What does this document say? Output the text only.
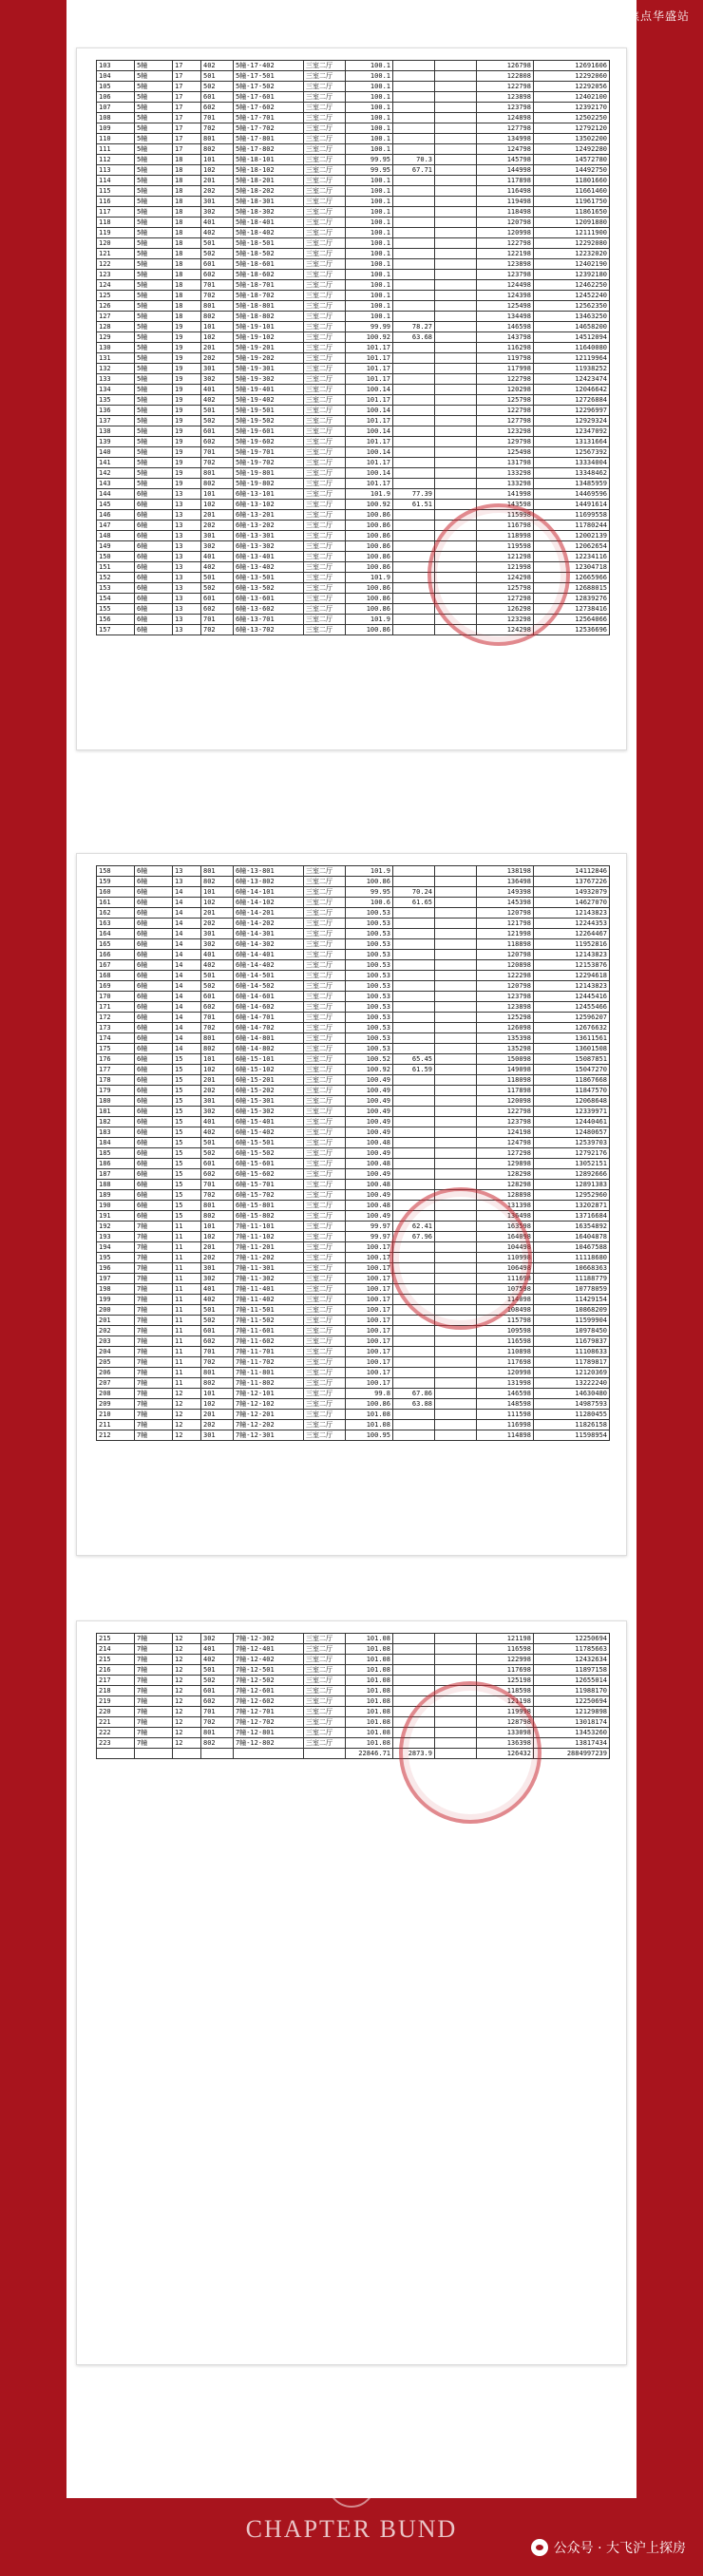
搜狐号@搜狐焦点华盛站
103	5幢	17	402	5幢-17-402	三室二厅	100.1			126798	12691606
104	5幢	17	501	5幢-17-501	三室二厅	100.1			122808	12292060
105	5幢	17	502	5幢-17-502	三室二厅	100.1			122798	12292056
106	5幢	17	601	5幢-17-601	三室二厅	100.1			123898	12402100
107	5幢	17	602	5幢-17-602	三室二厅	100.1			123798	12392170
108	5幢	17	701	5幢-17-701	三室二厅	100.1			124898	12502250
109	5幢	17	702	5幢-17-702	三室二厅	100.1			127798	12792120
110	5幢	17	801	5幢-17-801	三室二厅	100.1			134998	13502200
111	5幢	17	802	5幢-17-802	三室二厅	100.1			124798	12492280
112	5幢	18	101	5幢-18-101	三室二厅	99.95	70.3		145798	14572780
113	5幢	18	102	5幢-18-102	三室二厅	99.95	67.71		144998	14492750
114	5幢	18	201	5幢-18-201	三室二厅	100.1			117898	11801660
115	5幢	18	202	5幢-18-202	三室二厅	100.1			116498	11661460
116	5幢	18	301	5幢-18-301	三室二厅	100.1			119498	11961750
117	5幢	18	302	5幢-18-302	三室二厅	100.1			118498	11861650
118	5幢	18	401	5幢-18-401	三室二厅	100.1			120798	12091880
119	5幢	18	402	5幢-18-402	三室二厅	100.1			120998	12111900
120	5幢	18	501	5幢-18-501	三室二厅	100.1			122798	12292080
121	5幢	18	502	5幢-18-502	三室二厅	100.1			122198	12232020
122	5幢	18	601	5幢-18-601	三室二厅	100.1			123898	12402190
123	5幢	18	602	5幢-18-602	三室二厅	100.1			123798	12392180
124	5幢	18	701	5幢-18-701	三室二厅	100.1			124498	12462250
125	5幢	18	702	5幢-18-702	三室二厅	100.1			124398	12452240
126	5幢	18	801	5幢-18-801	三室二厅	100.1			125498	12562350
127	5幢	18	802	5幢-18-802	三室二厅	100.1			134498	13463250
128	5幢	19	101	5幢-19-101	三室二厅	99.99	78.27		146598	14658200
129	5幢	19	102	5幢-19-102	三室二厅	100.92	63.68		143798	14512094
130	5幢	19	201	5幢-19-201	三室二厅	101.17			116298	11640080
131	5幢	19	202	5幢-19-202	三室二厅	101.17			119798	12119964
132	5幢	19	301	5幢-19-301	三室二厅	101.17			117998	11938252
133	5幢	19	302	5幢-19-302	三室二厅	101.17			122798	12423474
134	5幢	19	401	5幢-19-401	三室二厅	100.14			120298	12046642
135	5幢	19	402	5幢-19-402	三室二厅	101.17			125798	12726884
136	5幢	19	501	5幢-19-501	三室二厅	100.14			122798	12296997
137	5幢	19	502	5幢-19-502	三室二厅	101.17			127798	12929324
138	5幢	19	601	5幢-19-601	三室二厅	100.14			123298	12347092
139	5幢	19	602	5幢-19-602	三室二厅	101.17			129798	13131664
140	5幢	19	701	5幢-19-701	三室二厅	100.14			125498	12567392
141	5幢	19	702	5幢-19-702	三室二厅	101.17			131798	13334004
142	5幢	19	801	5幢-19-801	三室二厅	100.14			133298	13348462
143	5幢	19	802	5幢-19-802	三室二厅	101.17			133298	13485959
144	6幢	13	101	6幢-13-101	三室二厅	101.9	77.39		141998	14469596
145	6幢	13	102	6幢-13-102	三室二厅	100.92	61.51		143598	14491614
146	6幢	13	201	6幢-13-201	三室二厅	100.86			115998	11699558
147	6幢	13	202	6幢-13-202	三室二厅	100.86			116798	11780244
148	6幢	13	301	6幢-13-301	三室二厅	100.86			118998	12002139
149	6幢	13	302	6幢-13-302	三室二厅	100.86			119598	12062654
150	6幢	13	401	6幢-13-401	三室二厅	100.86			121298	12234116
151	6幢	13	402	6幢-13-402	三室二厅	100.86			121998	12304718
152	6幢	13	501	6幢-13-501	三室二厅	101.9			124298	12665966
153	6幢	13	502	6幢-13-502	三室二厅	100.86			125798	12688015
154	6幢	13	601	6幢-13-601	三室二厅	100.86			127298	12839276
155	6幢	13	602	6幢-13-602	三室二厅	100.86			126298	12738416
156	6幢	13	701	6幢-13-701	三室二厅	101.9			123298	12564066
157	6幢	13	702	6幢-13-702	三室二厅	100.86			124298	12536696
158	6幢	13	801	6幢-13-801	三室二厅	101.9			138198	14112846
159	6幢	13	802	6幢-13-802	三室二厅	100.86			136498	13767226
160	6幢	14	101	6幢-14-101	三室二厅	99.95	70.24		149398	14932079
161	6幢	14	102	6幢-14-102	三室二厅	100.6	61.65		145398	14627070
162	6幢	14	201	6幢-14-201	三室二厅	100.53			120798	12143823
163	6幢	14	202	6幢-14-202	三室二厅	100.53			121798	12244353
164	6幢	14	301	6幢-14-301	三室二厅	100.53			121998	12264467
165	6幢	14	302	6幢-14-302	三室二厅	100.53			118898	11952816
166	6幢	14	401	6幢-14-401	三室二厅	100.53			120798	12143823
167	6幢	14	402	6幢-14-402	三室二厅	100.53			120898	12153876
168	6幢	14	501	6幢-14-501	三室二厅	100.53			122298	12294618
169	6幢	14	502	6幢-14-502	三室二厅	100.53			120798	12143823
170	6幢	14	601	6幢-14-601	三室二厅	100.53			123798	12445416
171	6幢	14	602	6幢-14-602	三室二厅	100.53			123898	12455466
172	6幢	14	701	6幢-14-701	三室二厅	100.53			125298	12596207
173	6幢	14	702	6幢-14-702	三室二厅	100.53			126098	12676632
174	6幢	14	801	6幢-14-801	三室二厅	100.53			135398	13611561
175	6幢	14	802	6幢-14-802	三室二厅	100.53			135298	13601508
176	6幢	15	101	6幢-15-101	三室二厅	100.52	65.45		150098	15087851
177	6幢	15	102	6幢-15-102	三室二厅	100.92	61.59		149098	15047270
178	6幢	15	201	6幢-15-201	三室二厅	100.49			118098	11867668
179	6幢	15	202	6幢-15-202	三室二厅	100.49			117898	11847570
180	6幢	15	301	6幢-15-301	三室二厅	100.49			120098	12068648
181	6幢	15	302	6幢-15-302	三室二厅	100.49			122798	12339971
182	6幢	15	401	6幢-15-401	三室二厅	100.49			123798	12440461
183	6幢	15	402	6幢-15-402	三室二厅	100.49			124198	12480657
184	6幢	15	501	6幢-15-501	三室二厅	100.48			124798	12539703
185	6幢	15	502	6幢-15-502	三室二厅	100.49			127298	12792176
186	6幢	15	601	6幢-15-601	三室二厅	100.48			129898	13052151
187	6幢	15	602	6幢-15-602	三室二厅	100.49			128298	12892666
188	6幢	15	701	6幢-15-701	三室二厅	100.48			128298	12891383
189	6幢	15	702	6幢-15-702	三室二厅	100.49			128898	12952960
190	6幢	15	801	6幢-15-801	三室二厅	100.48			131398	13202871
191	6幢	15	802	6幢-15-802	三室二厅	100.49			136498	13716684
192	7幢	11	101	7幢-11-101	三室二厅	99.97	62.41		163598	16354892
193	7幢	11	102	7幢-11-102	三室二厅	99.97	67.96		164098	16404878
194	7幢	11	201	7幢-11-201	三室二厅	100.17			104498	10467588
195	7幢	11	202	7幢-11-202	三室二厅	100.17			110998	11118680
196	7幢	11	301	7幢-11-301	三室二厅	100.17			106498	10668363
197	7幢	11	302	7幢-11-302	三室二厅	100.17			111698	11188779
198	7幢	11	401	7幢-11-401	三室二厅	100.17			107598	10778059
199	7幢	11	402	7幢-11-402	三室二厅	100.17			114098	11429154
200	7幢	11	501	7幢-11-501	三室二厅	100.17			108498	10868209
201	7幢	11	502	7幢-11-502	三室二厅	100.17			115798	11599904
202	7幢	11	601	7幢-11-601	三室二厅	100.17			109598	10978450
203	7幢	11	602	7幢-11-602	三室二厅	100.17			116598	11679837
204	7幢	11	701	7幢-11-701	三室二厅	100.17			110898	11108633
205	7幢	11	702	7幢-11-702	三室二厅	100.17			117698	11789817
206	7幢	11	801	7幢-11-801	三室二厅	100.17			120998	12120369
207	7幢	11	802	7幢-11-802	三室二厅	100.17			131998	13222240
208	7幢	12	101	7幢-12-101	三室二厅	99.8	67.86		146598	14630480
209	7幢	12	102	7幢-12-102	三室二厅	100.86	63.88		148598	14987593
210	7幢	12	201	7幢-12-201	三室二厅	101.08			111598	11280455
211	7幢	12	202	7幢-12-202	三室二厅	101.08			116998	11826158
212	7幢	12	301	7幢-12-301	三室二厅	100.95			114898	11598954
215	7幢	12	302	7幢-12-302	三室二厅	101.08			121198	12250694
214	7幢	12	401	7幢-12-401	三室二厅	101.08			116598	11785663
215	7幢	12	402	7幢-12-402	三室二厅	101.08			122998	12432634
216	7幢	12	501	7幢-12-501	三室二厅	101.08			117698	11897158
217	7幢	12	502	7幢-12-502	三室二厅	101.08			125198	12655014
218	7幢	12	601	7幢-12-601	三室二厅	101.08			118598	11988170
219	7幢	12	602	7幢-12-602	三室二厅	101.08			121198	12250694
220	7幢	12	701	7幢-12-701	三室二厅	101.08			119998	12129898
221	7幢	12	702	7幢-12-702	三室二厅	101.08			128798	13018174
222	7幢	12	801	7幢-12-801	三室二厅	101.08			133098	13453260
223	7幢	12	802	7幢-12-802	三室二厅	101.08			136398	13817434
						22846.71	2873.9		126432	2884997239
✿
CHAPTER BUND
公众号 · 大飞沪上探房
